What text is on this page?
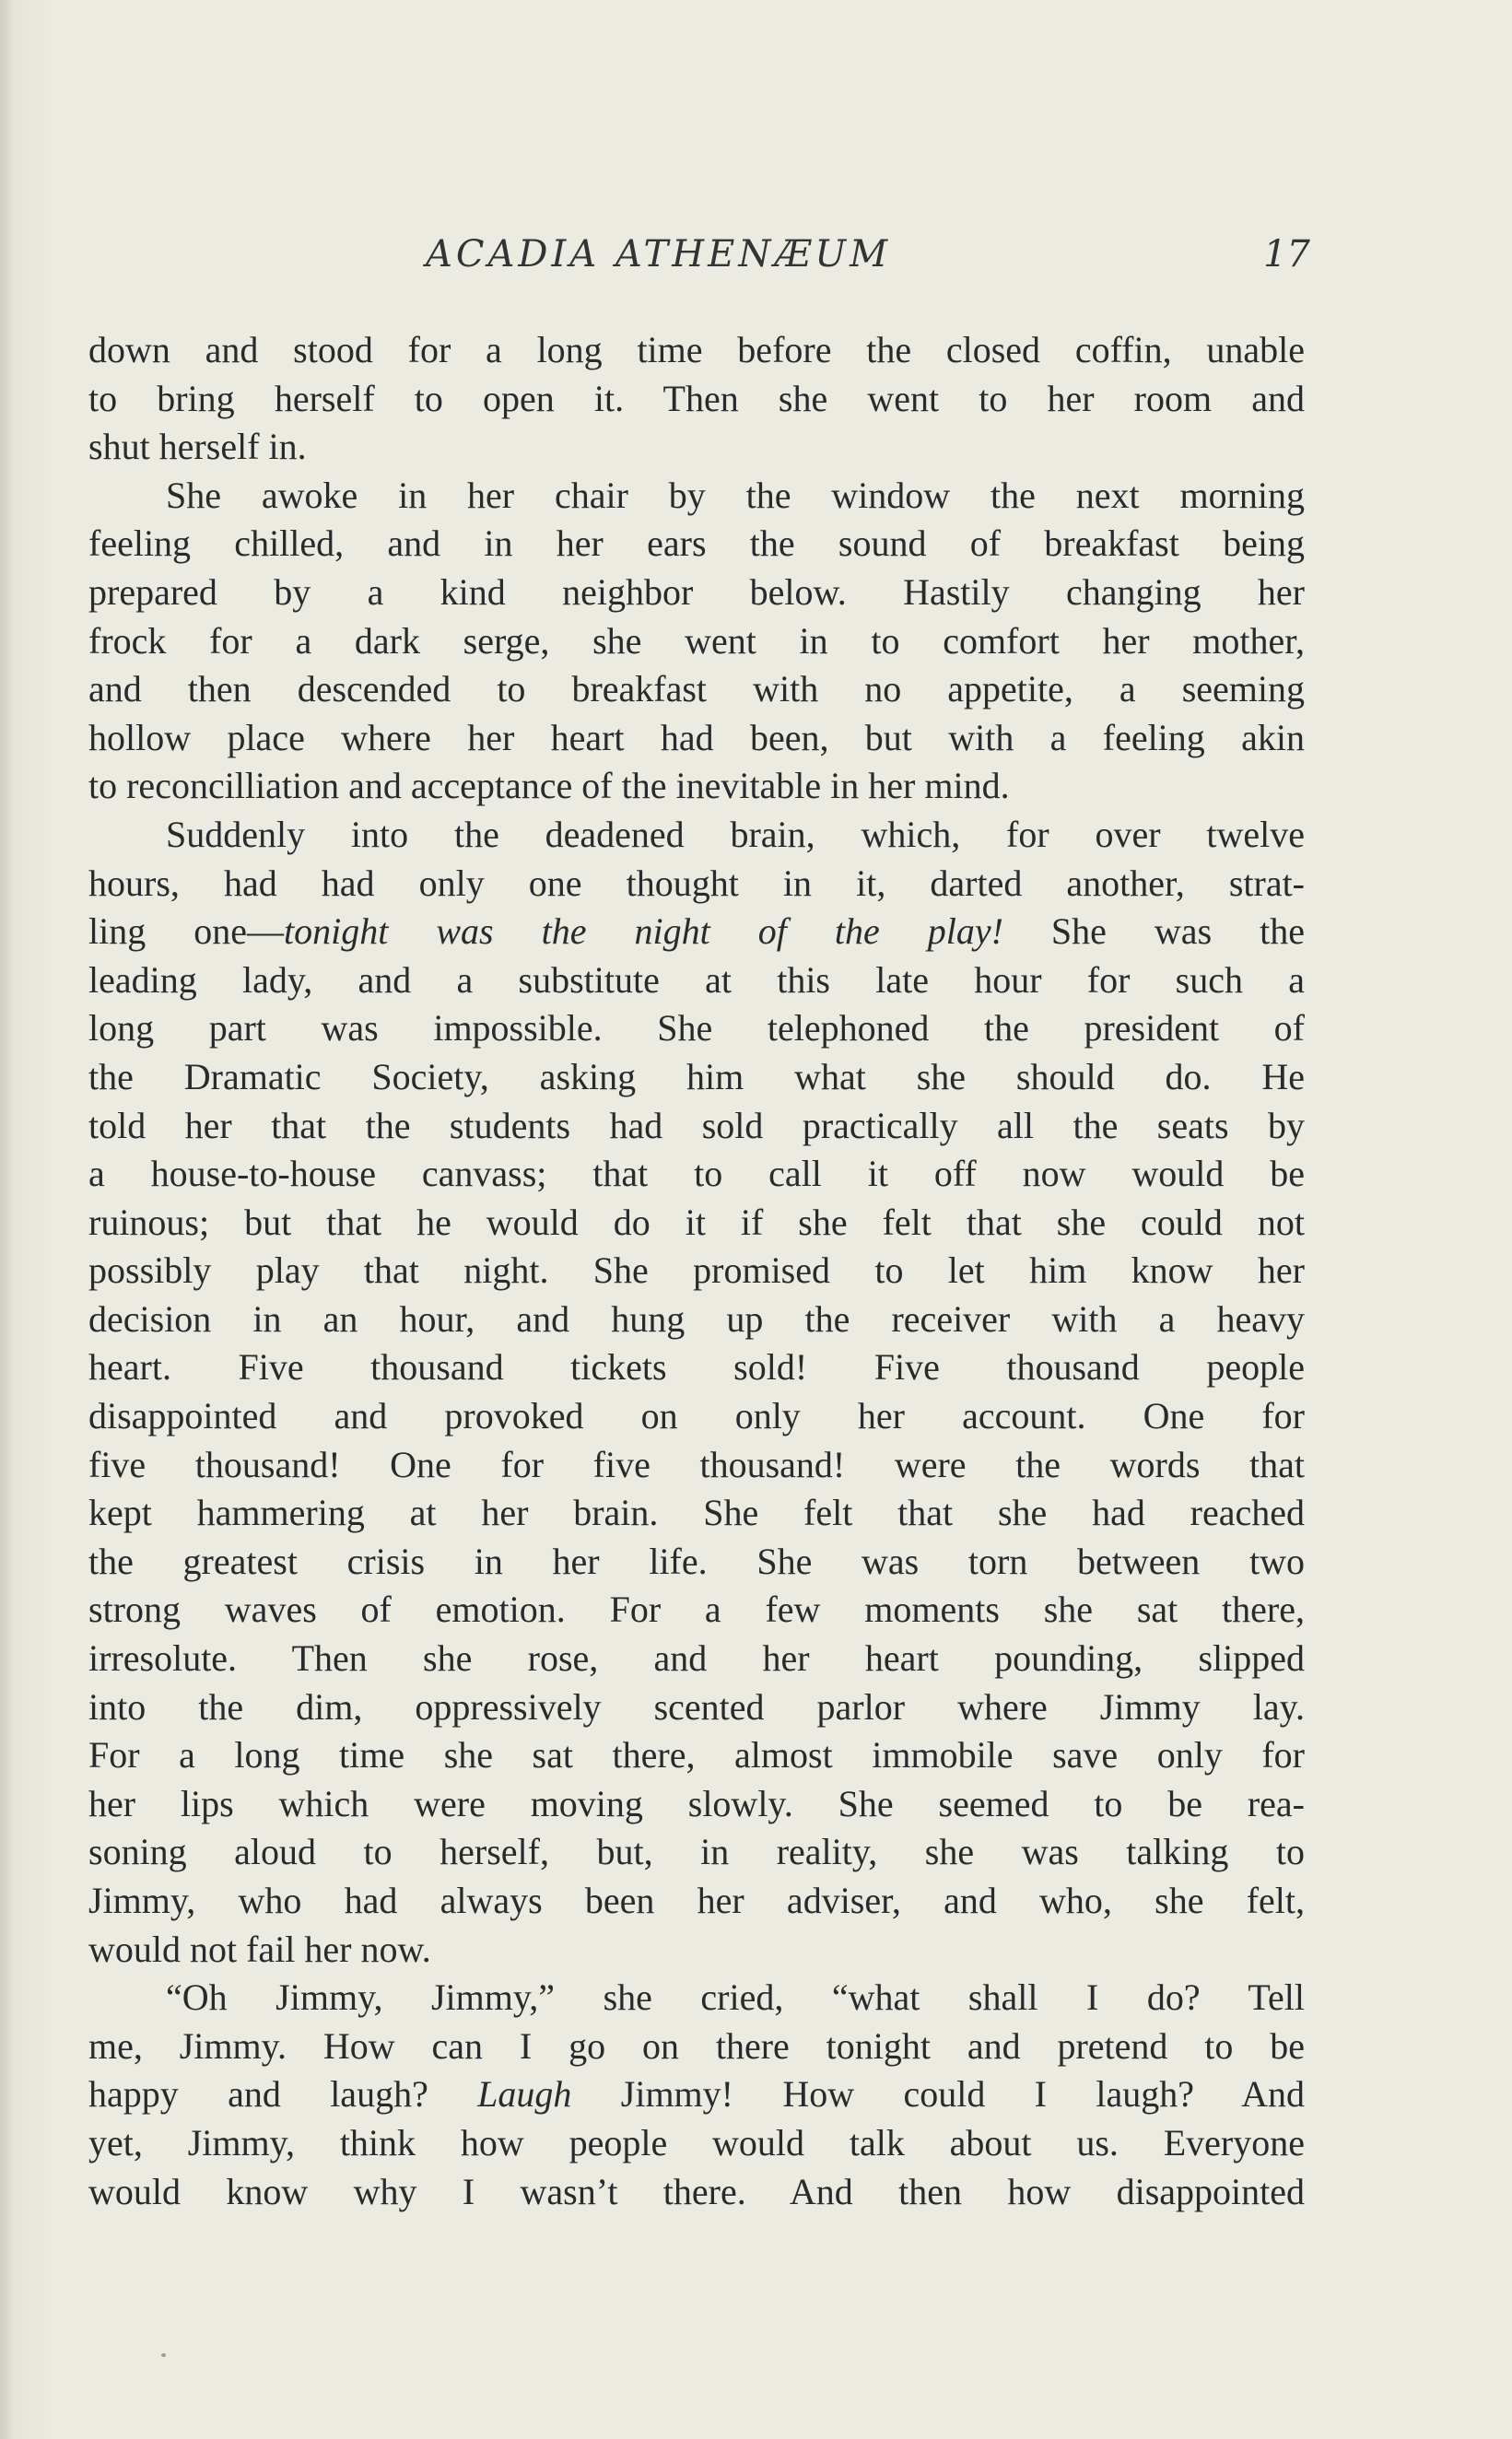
ACADIA ATHENÆUM	17
down and stood for a long time before the closed coffin, unable
to bring herself to open it. Then she went to her room and
shut herself in.
She awoke in her chair by the window the next morning
feeling chilled, and in her ears the sound of breakfast being
prepared by a kind neighbor below. Hastily changing her
frock for a dark serge, she went in to comfort her mother,
and then descended to breakfast with no appetite, a seeming
hollow place where her heart had been, but with a feeling akin
to reconcilliation and acceptance of the inevitable in her mind.
Suddenly into the deadened brain, which, for over twelve
hours, had had only one thought in it, darted another, strat-
ling one—tonight was the night of the play! She was the
leading lady, and a substitute at this late hour for such a
long part was impossible. She telephoned the president of
the Dramatic Society, asking him what she should do. He
told her that the students had sold practically all the seats by
a house-to-house canvass; that to call it off now would be
ruinous; but that he would do it if she felt that she could not
possibly play that night. She promised to let him know her
decision in an hour, and hung up the receiver with a heavy
heart. Five thousand tickets sold! Five thousand people
disappointed and provoked on only her account. One for
five thousand! One for five thousand! were the words that
kept hammering at her brain. She felt that she had reached
the greatest crisis in her life. She was torn between two
strong waves of emotion. For a few moments she sat there,
irresolute. Then she rose, and her heart pounding, slipped
into the dim, oppressively scented parlor where Jimmy lay.
For a long time she sat there, almost immobile save only for
her lips which were moving slowly. She seemed to be rea-
soning aloud to herself, but, in reality, she was talking to
Jimmy, who had always been her adviser, and who, she felt,
would not fail her now.
“Oh Jimmy, Jimmy,” she cried, “what shall I do? Tell
me, Jimmy. How can I go on there tonight and pretend to be
happy and laugh? Laugh Jimmy! How could I laugh? And
yet, Jimmy, think how people would talk about us. Everyone
would know why I wasn’t there. And then how disappointed
